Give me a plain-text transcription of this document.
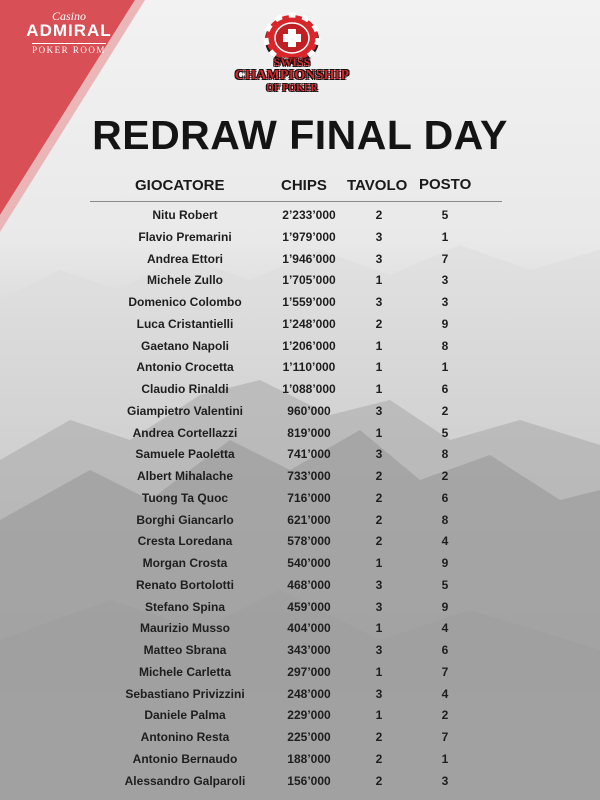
Casino
ADMIRAL
POKER ROOM
SWISS
CHAMPIONSHIP
OF POKER
REDRAW FINAL DAY
GIOCATORE	CHIPS TAVOLO POSTO
Nitu Robert	2’233’000	2	5
Flavio Premarini	1’979’000	3	1
Andrea Ettori	1’946’000	3	7
Michele Zullo	1’705’000	1	3
Domenico Colombo	1’559’000	3	3
Luca Cristantielli	1’248’000	2	9
Gaetano Napoli	1’206’000	1	8
Antonio Crocetta	1’110’000	1	1
Claudio Rinaldi	1’088’000	1	6
Giampietro Valentini	960’000	3	2
Andrea Cortellazzi	819’000	1	5
Samuele Paoletta	741’000	3	8
Albert Mihalache	733’000	2	2
Tuong Ta Quoc	716’000	2	6
Borghi Giancarlo	621’000	2	8
Cresta Loredana	578’000	2	4
Morgan Crosta	540’000	1	9
Renato Bortolotti	468’000	3	5
Stefano Spina	459’000	3	9
Maurizio Musso	404’000	1	4
Matteo Sbrana	343’000	3	6
Michele Carletta	297’000	1	7
Sebastiano Privizzini	248’000	3	4
Daniele Palma	229’000	1	2
Antonino Resta	225’000	2	7
Antonio Bernaudo	188’000	2	1
Alessandro Galparoli	156’000	2	3
